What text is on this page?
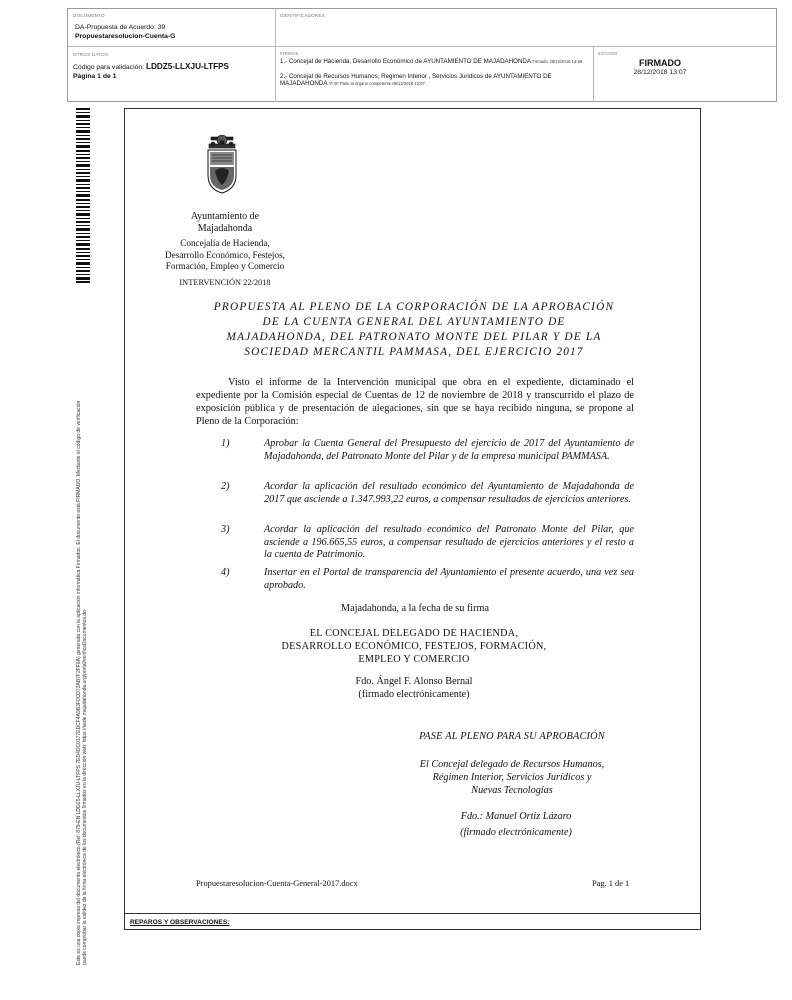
DOCUMENTO
DA-Propuesta de Acuerdo: 39
Propuestaresolucion-Cuenta-G
IDENTIFICADORES
OTROS DATOS
Código para validación: LDDZ5-LLXJU-LTFPS
Página 1 de 1
FIRMAS
1.- Concejal de Hacienda, Desarrollo Económico de AYUNTAMIENTO DE MAJADAHONDA Firmado 28/12/2018 14:59
2.- Concejal de Recursos Humanos, Regimen Interior , Servicios Juridicos de AYUNTAMIENTO DE MAJADAHONDA Vº Bº Pase al órgano competente 09/12/2018 13:07
ESTADO
FIRMADO
28/12/2018 13:07
Este es una copia impresa del documento electrónico (Ref: 879-EN LDDZ5-LLXJU-LTFPS 7ED4DC0177EDCF4A9B3F0CD73AB7F2FF6A) generada con la aplicación informática Firmadoc. El documento está FIRMADO. Mediante el código de verificación puede comprobar la validez de la firma electrónica de los documentos firmados en la dirección web: https://sede.majadahonda.org/portal/verificaDocumentos.do	REPAROS Y OBSERVACIONES:
Ayuntamiento de
Majadahonda
Concejalía de Hacienda,
Desarrollo Económico, Festejos,
Formación, Empleo y Comercio
INTERVENCIÓN 22/2018
PROPUESTA AL PLENO DE LA CORPORACIÓN DE LA APROBACIÓN
DE LA CUENTA GENERAL DEL AYUNTAMIENTO DE
MAJADAHONDA, DEL PATRONATO MONTE DEL PILAR Y DE LA
SOCIEDAD MERCANTIL PAMMASA, DEL EJERCICIO 2017
Visto el informe de la Intervención municipal que obra en el expediente, dictaminado el expediente por la Comisión especial de Cuentas de 12 de noviembre de 2018 y transcurrido el plazo de exposición pública y de presentación de alegaciones, sin que se haya recibido ninguna, se propone al Pleno de la Corporación:
1)	Aprobar la Cuenta General del Presupuesto del ejercicio de 2017 del Ayuntamiento de Majadahonda, del Patronato Monte del Pilar y de la empresa municipal PAMMASA.
2)	Acordar la aplicación del resultado económico del Ayuntamiento de Majadahonda de 2017 que asciende a 1.347.993,22 euros, a compensar resultados de ejercicios anteriores.
3)	Acordar la aplicación del resultado económico del Patronato Monte del Pilar, que asciende a 196.665,55 euros, a compensar resultado de ejercicios anteriores y el resto a la cuenta de Patrimonio.
4)	Insertar en el Portal de transparencia del Ayuntamiento el presente acuerdo, una vez sea aprobado.
Majadahonda, a la fecha de su firma
EL CONCEJAL DELEGADO DE HACIENDA,
DESARROLLO ECONÓMICO, FESTEJOS, FORMACIÓN,
EMPLEO Y COMERCIO
Fdo. Ángel F. Alonso Bernal
(firmado electrónicamente)
PASE AL PLENO PARA SU APROBACIÓN
El Concejal delegado de Recursos Humanos,
Régimen Interior, Servicios Jurídicos y
Nuevas Tecnologías
Fdo.: Manuel Ortiz Lázaro
(firmado electrónicamente)
Propuestaresolucion-Cuenta-General-2017.docx	Pag. 1 de 1
